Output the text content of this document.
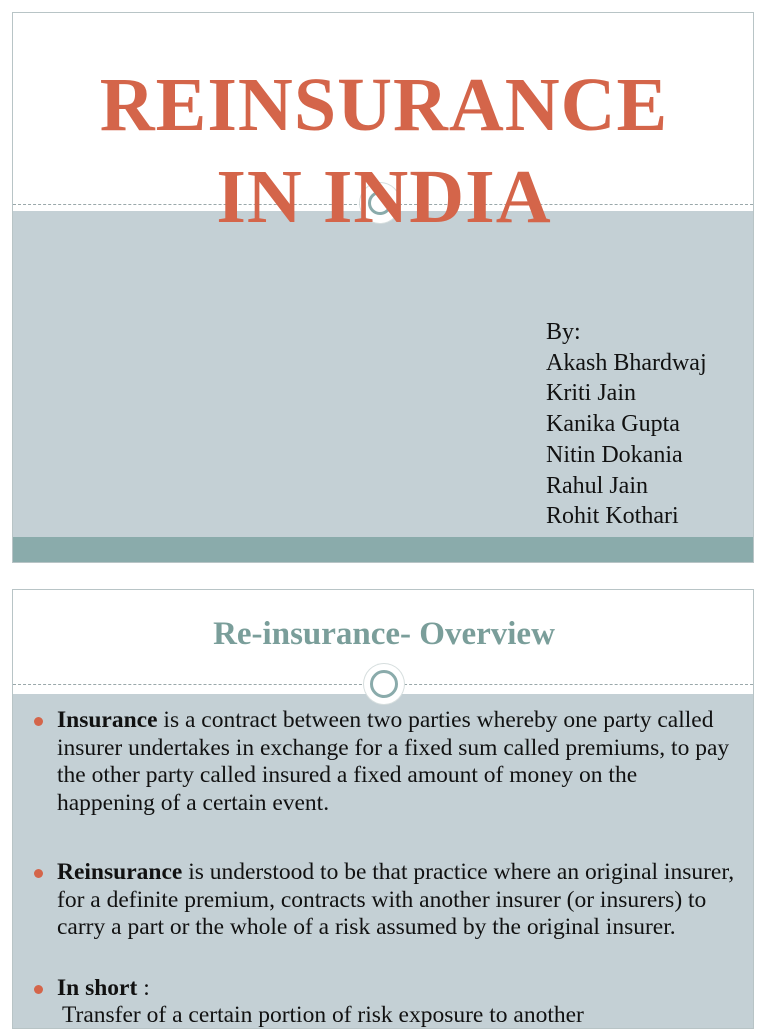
REINSURANCE
IN INDIA
By:
Akash Bhardwaj
Kriti Jain
Kanika Gupta
Nitin Dokania
Rahul Jain
Rohit Kothari
Re-insurance- Overview
Insurance is a contract between two parties whereby one party called insurer undertakes in exchange for a fixed sum called premiums, to pay the other party called insured a fixed amount of money on the happening of a certain event.
Reinsurance is understood to be that practice where an original insurer, for a definite premium, contracts with another insurer (or insurers) to carry a part or the whole of a risk assumed by the original insurer.
In short :

Transfer of a certain portion of risk exposure to another
